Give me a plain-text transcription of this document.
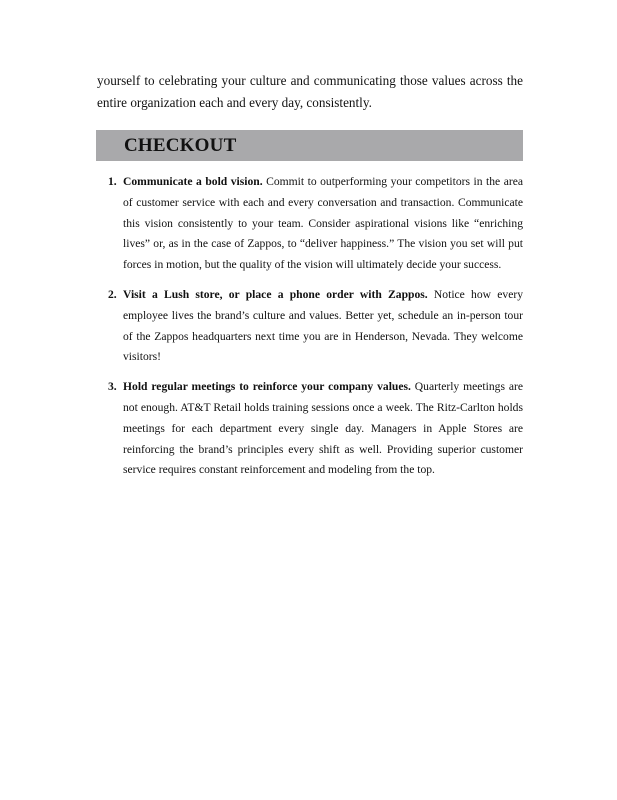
yourself to celebrating your culture and communicating those values across the entire organization each and every day, consistently.

CHECKOUT
1. Communicate a bold vision. Commit to outperforming your competitors in the area of customer service with each and every conversation and transaction. Communicate this vision consistently to your team. Consider aspirational visions like “enriching lives” or, as in the case of Zappos, to “deliver happiness.” The vision you set will put forces in motion, but the quality of the vision will ultimately decide your success.
2. Visit a Lush store, or place a phone order with Zappos. Notice how every employee lives the brand’s culture and values. Better yet, schedule an in-person tour of the Zappos headquarters next time you are in Henderson, Nevada. They welcome visitors!
3. Hold regular meetings to reinforce your company values. Quarterly meetings are not enough. AT&T Retail holds training sessions once a week. The Ritz-Carlton holds meetings for each department every single day. Managers in Apple Stores are reinforcing the brand’s principles every shift as well. Providing superior customer service requires constant reinforcement and modeling from the top.
